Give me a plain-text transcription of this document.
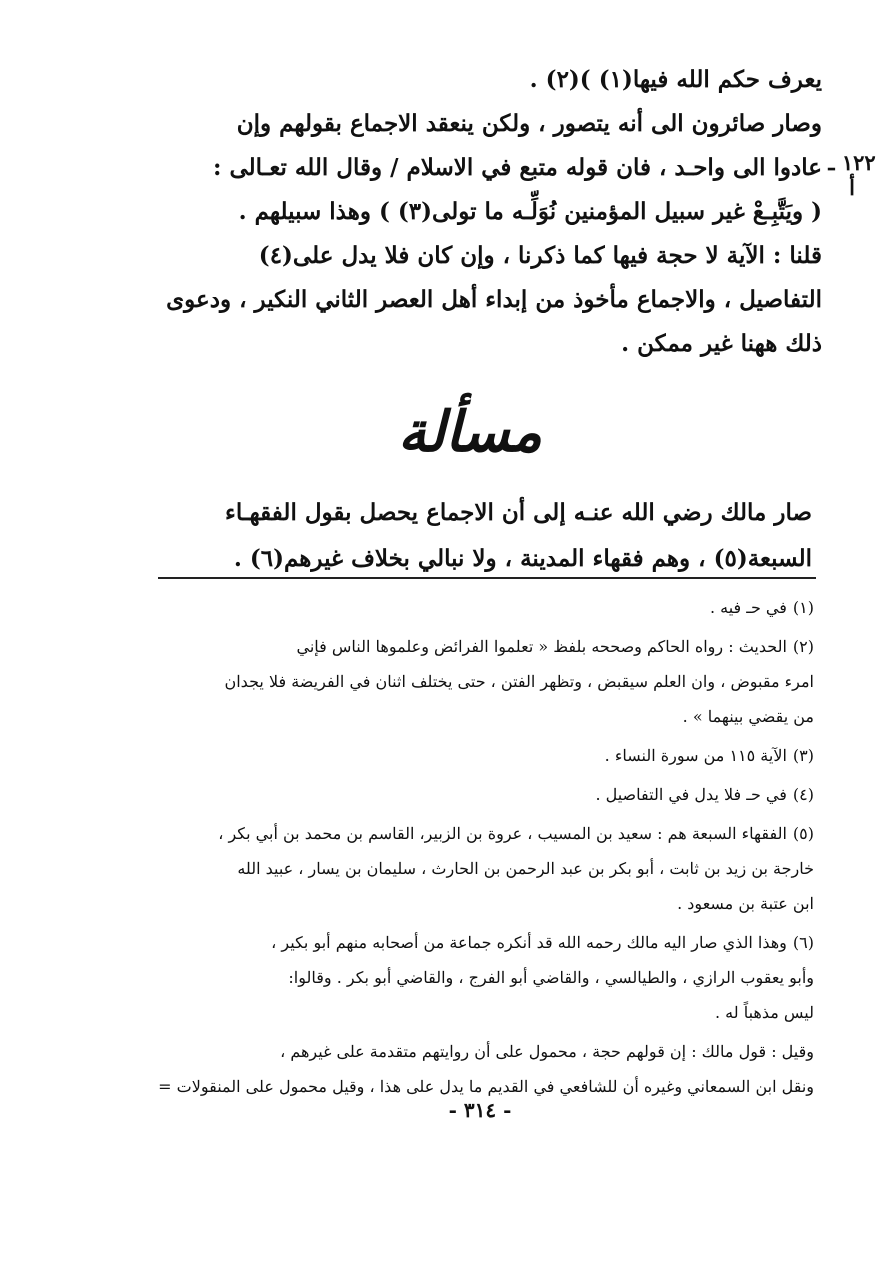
يعرف حكم الله فيها(١) )(٢) .
وصار صائرون الى أنه يتصور ، ولكن ينعقد الاجماع بقولهم وإن
عادوا الى واحـد ، فان قوله متبع في الاسلام / وقال الله تعـالى :
( ويَتَّبِـعْ غير سبيل المؤمنين نُوَلِّـه ما تولى(٣) ) وهذا سبيلهم .
قلنا : الآية لا حجة فيها كما ذكرنا ، وإن كان فلا يدل على(٤)
التفاصيل ، والاجماع مأخوذ من إبداء أهل العصر الثاني النكير ، ودعوى
ذلك ههنا غير ممكن .
١٢٢ ـ أ
مسألة
صار مالك رضي الله عنـه إلى أن الاجماع يحصل بقول الفقهـاء
السبعة(٥) ، وهم فقهاء المدينة ، ولا نبالي بخلاف غيرهم(٦) .
(١)في حـ فيه .
(٢)الحديث : رواه الحاكم وصححه بلفظ « تعلموا الفرائض وعلموها الناس فإني
امرء مقبوض ، وان العلم سيقبض ، وتظهر الفتن ، حتى يختلف اثنان في الفريضة فلا يجدان
من يقضي بينهما » .
(٣)الآية ١١٥ من سورة النساء .
(٤)في حـ فلا يدل في التفاصيل .
(٥)الفقهاء السبعة هم : سعيد بن المسيب ، عروة بن الزبير، القاسم بن محمد بن أبي بكر ،
خارجة بن زيد بن ثابت ، أبو بكر بن عبد الرحمن بن الحارث ، سليمان بن يسار ، عبيد الله
ابن عتبة بن مسعود .
(٦)وهذا الذي صار اليه مالك رحمه الله قد أنكره جماعة من أصحابه منهم أبو بكير ،
وأبو يعقوب الرازي ، والطيالسي ، والقاضي أبو الفرج ، والقاضي أبو بكر . وقالوا:
ليس مذهباً له .
وقيل : قول مالك : إن قولهم حجة ، محمول على أن روايتهم متقدمة على غيرهم ،
ونقل ابن السمعاني وغيره أن للشافعي في القديم ما يدل على هذا ، وقيل محمول على المنقولات =
- ٣١٤ -
